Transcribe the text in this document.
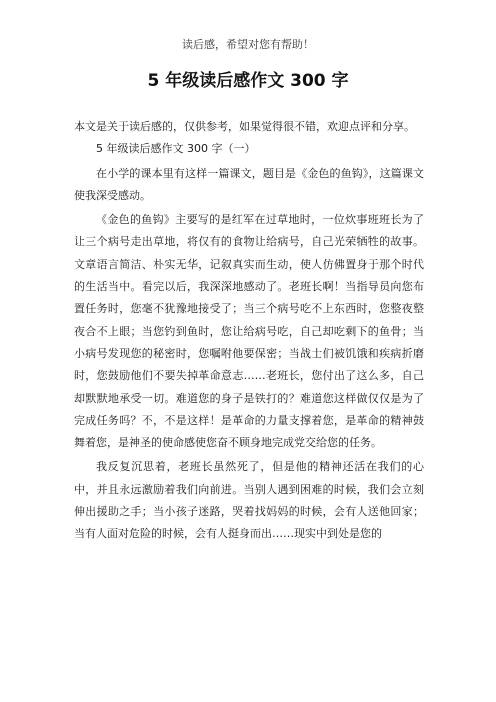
读后感，希望对您有帮助！
5 年级读后感作文 300 字

本文是关于读后感的，仅供参考，如果觉得很不错，欢迎点评和分享。

5 年级读后感作文 300 字（一）

在小学的课本里有这样一篇课文，题目是《金色的鱼钩》，这篇课文使我深受感动。

《金色的鱼钩》主要写的是红军在过草地时，一位炊事班班长为了让三个病号走出草地，将仅有的食物让给病号，自己光荣牺牲的故事。文章语言简洁、朴实无华，记叙真实而生动，使人仿佛置身于那个时代的生活当中。看完以后，我深深地感动了。老班长啊！当指导员向您布置任务时，您毫不犹豫地接受了；当三个病号吃不上东西时，您整夜整夜合不上眼；当您钓到鱼时，您让给病号吃，自己却吃剩下的鱼骨；当小病号发现您的秘密时，您嘱咐他要保密；当战士们被饥饿和疾病折磨时，您鼓励他们不要失掉革命意志……老班长，您付出了这么多，自己却默默地承受一切。难道您的身子是铁打的？难道您这样做仅仅是为了完成任务吗？不，不是这样！是革命的力量支撑着您，是革命的精神鼓舞着您，是神圣的使命感使您奋不顾身地完成党交给您的任务。

我反复沉思着，老班长虽然死了，但是他的精神还活在我们的心中，并且永远激励着我们向前进。当别人遇到困难的时候，我们会立刻伸出援助之手；当小孩子迷路，哭着找妈妈的时候，会有人送他回家；当有人面对危险的时候，会有人挺身而出……现实中到处是您的
